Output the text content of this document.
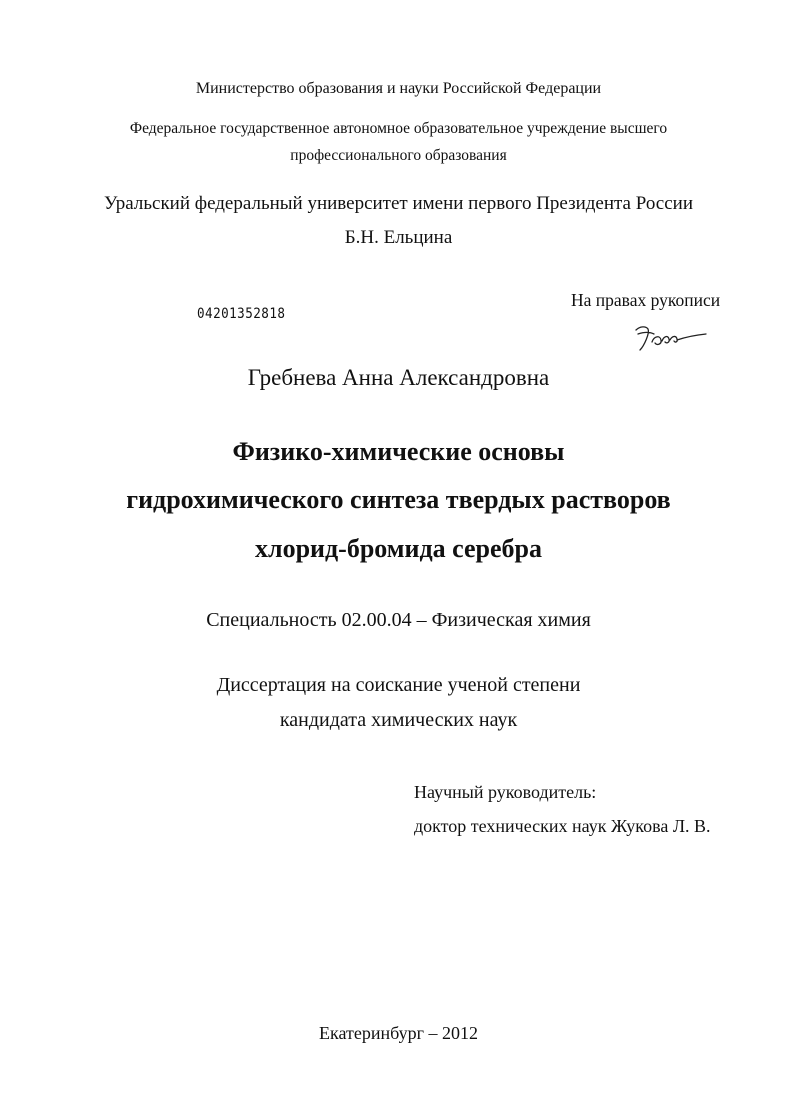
Министерство образования и науки Российской Федерации
Федеральное государственное автономное образовательное учреждение высшего
профессионального образования
Уральский федеральный университет имени первого Президента России
Б.Н. Ельцина
На правах рукописи
04201352818
Гребнева Анна Александровна
Физико-химические основы
гидрохимического синтеза твердых растворов
хлорид-бромида серебра
Специальность 02.00.04 – Физическая химия
Диссертация на соискание ученой степени
кандидата химических наук
Научный руководитель:
доктор технических наук Жукова Л. В.
Екатеринбург – 2012
